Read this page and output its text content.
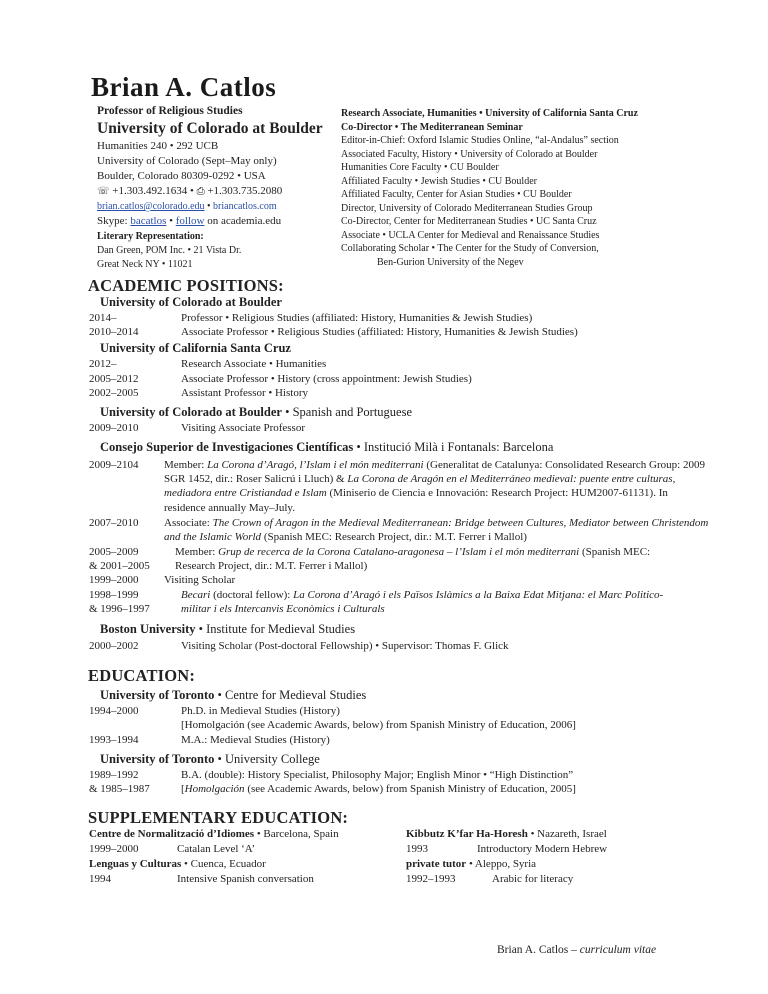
Brian A. Catlos
Professor of Religious Studies
University of Colorado at Boulder
Humanities 240 • 292 UCB
University of Colorado (Sept–May only)
Boulder, Colorado 80309-0292 • USA
☏ +1.303.492.1634 • ⎙ +1.303.735.2080
brian.catlos@colorado.edu • briancatlos.com
Skype: bacatlos • follow on academia.edu
Literary Representation:
Dan Green, POM Inc. • 21 Vista Dr.
Great Neck NY • 11021
Research Associate, Humanities • University of California Santa Cruz
Co-Director • The Mediterranean Seminar
Editor-in-Chief: Oxford Islamic Studies Online, “al-Andalus” section
Associated Faculty, History • University of Colorado at Boulder
Humanities Core Faculty • CU Boulder
Affiliated Faculty • Jewish Studies • CU Boulder
Affiliated Faculty, Center for Asian Studies • CU Boulder
Director, University of Colorado Mediterranean Studies Group
Co-Director, Center for Mediterranean Studies • UC Santa Cruz
Associate • UCLA Center for Medieval and Renaissance Studies
Collaborating Scholar • The Center for the Study of Conversion,
Ben-Gurion University of the Negev
ACADEMIC POSITIONS:
University of Colorado at Boulder
2014–	Professor • Religious Studies (affiliated: History, Humanities & Jewish Studies)
2010–2014	Associate Professor • Religious Studies (affiliated: History, Humanities & Jewish Studies)
University of California Santa Cruz
2012–	Research Associate • Humanities
2005–2012	Associate Professor • History (cross appointment: Jewish Studies)
2002–2005	Assistant Professor • History
University of Colorado at Boulder • Spanish and Portuguese
2009–2010	Visiting Associate Professor
Consejo Superior de Investigaciones Científicas • Institució Milà i Fontanals: Barcelona
2009–2104 Member: La Corona d’Aragó, l’Islam i el món mediterrani (Generalitat de Catalunya: Consolidated Research Group: 2009 SGR 1452, dir.: Roser Salicrú i Lluch) & La Corona de Aragón en el Mediterráneo medieval: puente entre culturas, mediadora entre Cristiandad e Islam (Miniserio de Ciencia e Innovación: Research Project: HUM2007-61131). In residence annually May–July.
2007–2010 Associate: The Crown of Aragon in the Medieval Mediterranean: Bridge between Cultures, Mediator between Christendom and the Islamic World (Spanish MEC: Research Project, dir.: M.T. Ferrer i Mallol)
2005–2009	Member: Grup de recerca de la Corona Catalano-aragonesa – l’Islam i el món mediterrani (Spanish MEC:
& 2001–2005 Research Project, dir.: M.T. Ferrer i Mallol)
1999–2000 Visiting Scholar
1998–1999	Becari (doctoral fellow): La Corona d’Aragó i els Països Islàmics a la Baixa Edat Mitjana: el Marc Politico-
& 1996–1997	militar i els Intercanvis Econòmics i Culturals
Boston University • Institute for Medieval Studies
2000–2002	Visiting Scholar (Post-doctoral Fellowship) • Supervisor: Thomas F. Glick
EDUCATION:
University of Toronto • Centre for Medieval Studies
1994–2000	Ph.D. in Medieval Studies (History)
[Homolgación (see Academic Awards, below) from Spanish Ministry of Education, 2006]
1993–1994	M.A.: Medieval Studies (History)
University of Toronto • University College
1989–1992	B.A. (double): History Specialist, Philosophy Major; English Minor • “High Distinction”
& 1985–1987	[Homolgación (see Academic Awards, below) from Spanish Ministry of Education, 2005]
SUPPLEMENTARY EDUCATION:
Centre de Normalització d’Idiomes • Barcelona, Spain
1999–2000	Catalan Level ‘A’
Lenguas y Culturas • Cuenca, Ecuador
1994	Intensive Spanish conversation
Kibbutz K’far Ha-Horesh • Nazareth, Israel
1993	Introductory Modern Hebrew
private tutor • Aleppo, Syria
1992–1993	Arabic for literacy
Brian A. Catlos – curriculum vitae
